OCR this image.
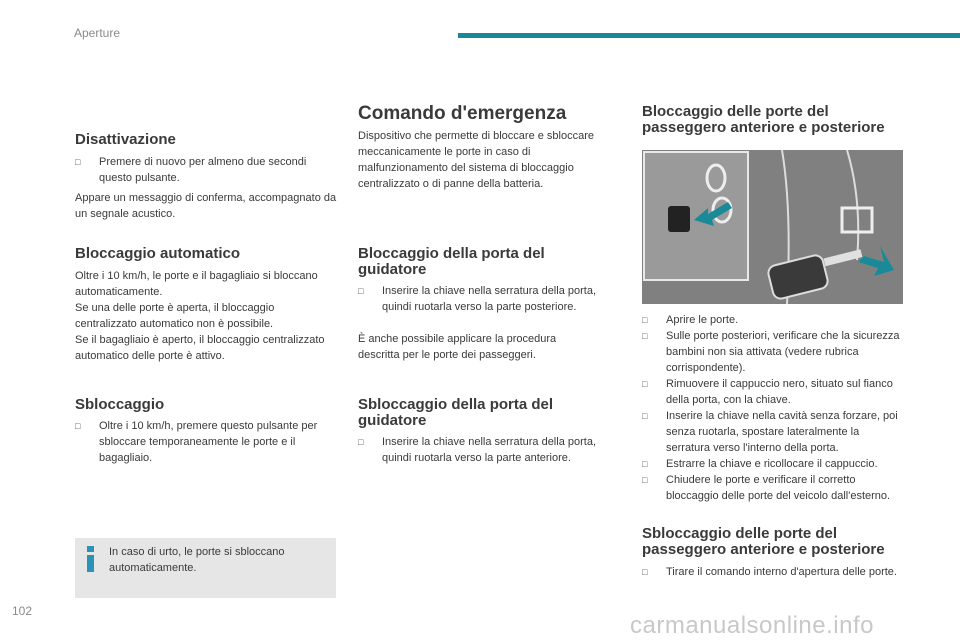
Aperture
Disattivazione
□ Premere di nuovo per almeno due secondi questo pulsante.

Appare un messaggio di conferma, accompagnato da un segnale acustico.

Bloccaggio automatico

Oltre i 10 km/h, le porte e il bagagliaio si bloccano automaticamente.
Se una delle porte è aperta, il bloccaggio centralizzato automatico non è possibile.
Se il bagagliaio è aperto, il bloccaggio centralizzato automatico delle porte è attivo.

Sbloccaggio
□ Oltre i 10 km/h, premere questo pulsante per sbloccare temporaneamente le porte e il bagagliaio.
In caso di urto, le porte si sbloccano automaticamente.
Comando d'emergenza

Dispositivo che permette di bloccare e sbloccare meccanicamente le porte in caso di malfunzionamento del sistema di bloccaggio centralizzato o di panne della batteria.

Bloccaggio della porta del guidatore
□ Inserire la chiave nella serratura della porta, quindi ruotarla verso la parte posteriore.

È anche possibile applicare la procedura descritta per le porte dei passeggeri.

Sbloccaggio della porta del guidatore
□ Inserire la chiave nella serratura della porta, quindi ruotarla verso la parte anteriore.
Bloccaggio delle porte del passeggero anteriore e posteriore
□ Aprire le porte.
□ Sulle porte posteriori, verificare che la sicurezza bambini non sia attivata (vedere rubrica corrispondente).
□ Rimuovere il cappuccio nero, situato sul fianco della porta, con la chiave.
□ Inserire la chiave nella cavità senza forzare, poi senza ruotarla, spostare lateralmente la serratura verso l'interno della porta.
□ Estrarre la chiave e ricollocare il cappuccio.
□ Chiudere le porte e verificare il corretto bloccaggio delle porte del veicolo dall'esterno.
Sbloccaggio delle porte del passeggero anteriore e posteriore
□ Tirare il comando interno d'apertura delle porte.
102
carmanualsonline.info
